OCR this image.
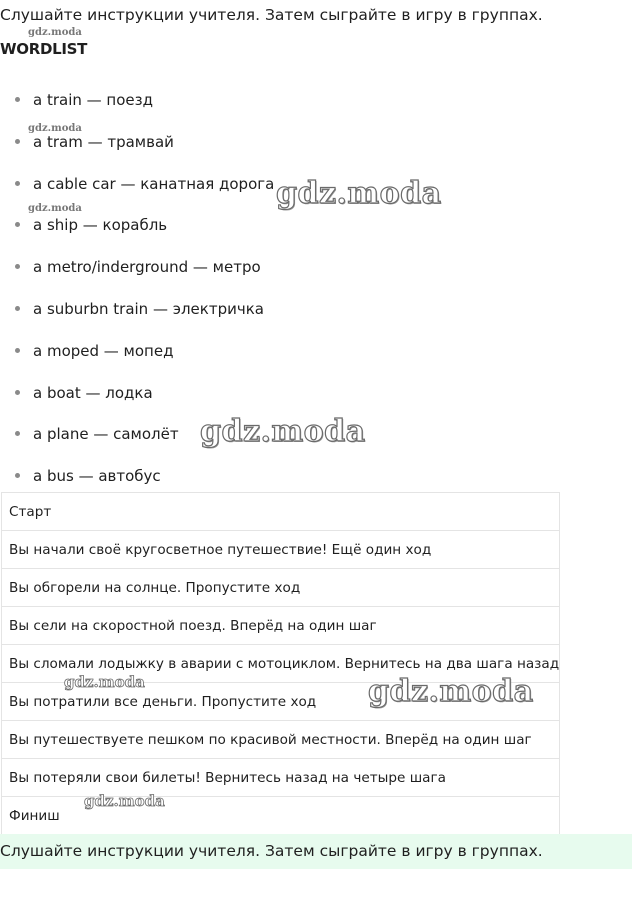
Слушайте инструкции учителя. Затем сыграйте в игру в группах.
WORDLIST
a train — поезд
a tram — трамвай
a cable car — канатная дорога
a ship — корабль
a metro/inderground — метро
a suburbn train — электричка
a moped — мопед
a boat — лодка
a plane — самолёт
a bus — автобус
Старт
Вы начали своё кругосветное путешествие! Ещё один ход
Вы обгорели на солнце. Пропустите ход
Вы сели на скоростной поезд. Вперёд на один шаг
Вы сломали лодыжку в аварии с мотоциклом. Вернитесь на два шага назад
Вы потратили все деньги. Пропустите ход
Вы путешествуете пешком по красивой местности. Вперёд на один шаг
Вы потеряли свои билеты! Вернитесь назад на четыре шага
Финиш
Слушайте инструкции учителя. Затем сыграйте в игру в группах.
gdz.moda
gdz.moda
gdz.moda	gdz.moda
gdz.moda
gdz.moda
gdz.moda
gdz.moda
